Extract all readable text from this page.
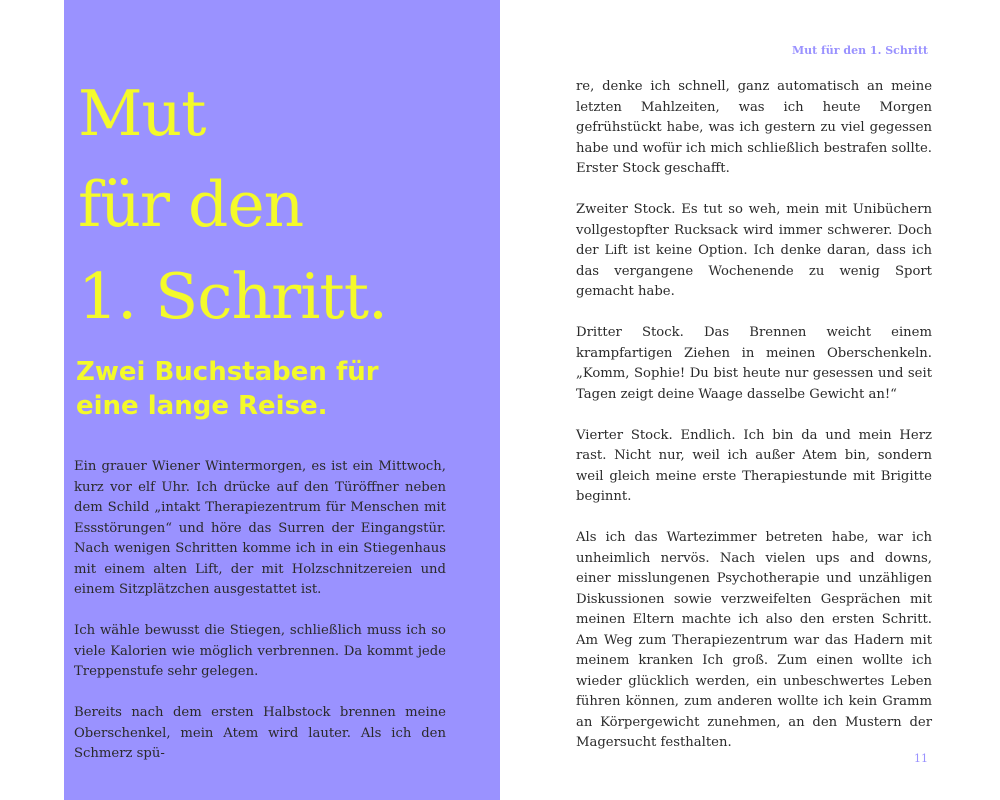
Mut
für den
1. Schritt.
Zwei Buchstaben für
eine lange Reise.

Ein grauer Wiener Wintermorgen, es ist ein Mittwoch, kurz vor elf Uhr. Ich drücke auf den Türöffner neben dem Schild „intakt Therapiezentrum für Menschen mit Essstörungen“ und höre das Surren der Eingangstür. Nach wenigen Schritten komme ich in ein Stiegenhaus mit einem alten Lift, der mit Holzschnitzereien und einem Sitzplätzchen ausgestattet ist.

Ich wähle bewusst die Stiegen, schließlich muss ich so viele Kalorien wie möglich verbrennen. Da kommt jede Treppenstufe sehr gelegen.

Bereits nach dem ersten Halbstock brennen meine Oberschenkel, mein Atem wird lauter. Als ich den Schmerz spü-

Mut für den 1. Schritt

re, denke ich schnell, ganz automatisch an meine letzten Mahlzeiten, was ich heute Morgen gefrühstückt habe, was ich gestern zu viel gegessen habe und wofür ich mich schließlich bestrafen sollte. Erster Stock geschafft.

Zweiter Stock. Es tut so weh, mein mit Unibüchern vollgestopfter Rucksack wird immer schwerer. Doch der Lift ist keine Option. Ich denke daran, dass ich das vergangene Wochenende zu wenig Sport gemacht habe.

Dritter Stock. Das Brennen weicht einem krampfartigen Ziehen in meinen Oberschenkeln. „Komm, Sophie! Du bist heute nur gesessen und seit Tagen zeigt deine Waage dasselbe Gewicht an!“

Vierter Stock. Endlich. Ich bin da und mein Herz rast. Nicht nur, weil ich außer Atem bin, sondern weil gleich meine erste Therapiestunde mit Brigitte beginnt.

Als ich das Wartezimmer betreten habe, war ich unheimlich nervös. Nach vielen ups and downs, einer misslungenen Psychotherapie und unzähligen Diskussionen sowie verzweifelten Gesprächen mit meinen Eltern machte ich also den ersten Schritt. Am Weg zum Therapiezentrum war das Hadern mit meinem kranken Ich groß. Zum einen wollte ich wieder glücklich werden, ein unbeschwertes Leben führen können, zum anderen wollte ich kein Gramm an Körpergewicht zunehmen, an den Mustern der Magersucht festhalten.

11
